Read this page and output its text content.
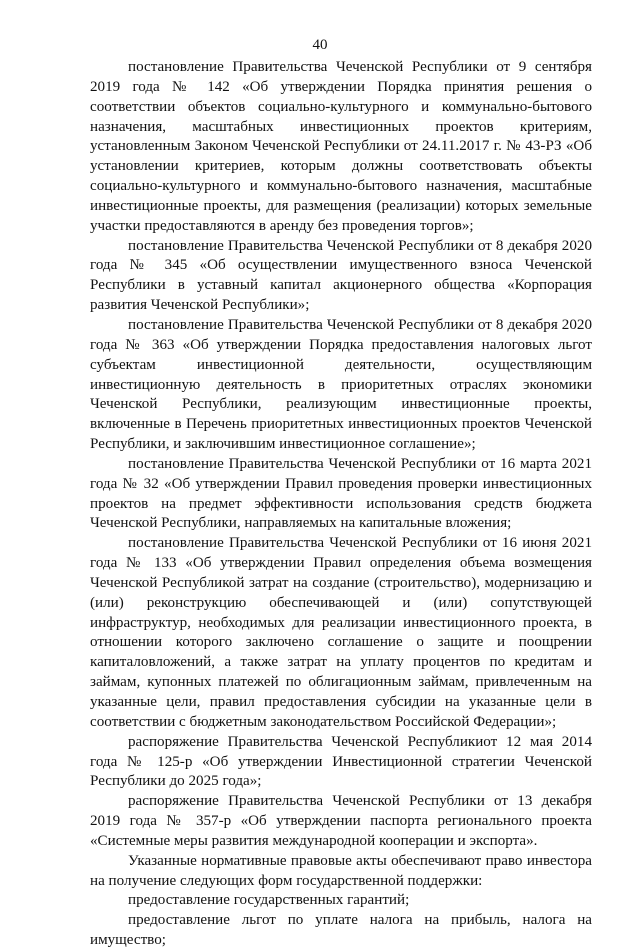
40

постановление Правительства Чеченской Республики от 9 сентября 2019 года № 142 «Об утверждении Порядка принятия решения о соответствии объектов социально-культурного и коммунально-бытового назначения, масштабных инвестиционных проектов критериям, установленным Законом Чеченской Республики от 24.11.2017 г. № 43-РЗ «Об установлении критериев, которым должны соответствовать объекты социально-культурного и коммунально-бытового назначения, масштабные инвестиционные проекты, для размещения (реализации) которых земельные участки предоставляются в аренду без проведения торгов»;

постановление Правительства Чеченской Республики от 8 декабря 2020 года № 345 «Об осуществлении имущественного взноса Чеченской Республики в уставный капитал акционерного общества «Корпорация развития Чеченской Республики»;

постановление Правительства Чеченской Республики от 8 декабря 2020 года № 363 «Об утверждении Порядка предоставления налоговых льгот субъектам инвестиционной деятельности, осуществляющим инвестиционную деятельность в приоритетных отраслях экономики Чеченской Республики, реализующим инвестиционные проекты, включенные в Перечень приоритетных инвестиционных проектов Чеченской Республики, и заключившим инвестиционное соглашение»;

постановление Правительства Чеченской Республики от 16 марта 2021 года № 32 «Об утверждении Правил проведения проверки инвестиционных проектов на предмет эффективности использования средств бюджета Чеченской Республики, направляемых на капитальные вложения;

постановление Правительства Чеченской Республики от 16 июня 2021 года № 133 «Об утверждении Правил определения объема возмещения Чеченской Республикой затрат на создание (строительство), модернизацию и (или) реконструкцию обеспечивающей и (или) сопутствующей инфраструктур, необходимых для реализации инвестиционного проекта, в отношении которого заключено соглашение о защите и поощрении капиталовложений, а также затрат на уплату процентов по кредитам и займам, купонных платежей по облигационным займам, привлеченным на указанные цели, правил предоставления субсидии на указанные цели в соответствии с бюджетным законодательством Российской Федерации»;

распоряжение Правительства Чеченской Республикиот 12 мая 2014 года № 125-р «Об утверждении Инвестиционной стратегии Чеченской Республики до 2025 года»;

распоряжение Правительства Чеченской Республики от 13 декабря 2019 года № 357-р «Об утверждении паспорта регионального проекта «Системные меры развития международной кооперации и экспорта».

Указанные нормативные правовые акты обеспечивают право инвестора на получение следующих форм государственной поддержки:

предоставление государственных гарантий;

предоставление льгот по уплате налога на прибыль, налога на имущество;
